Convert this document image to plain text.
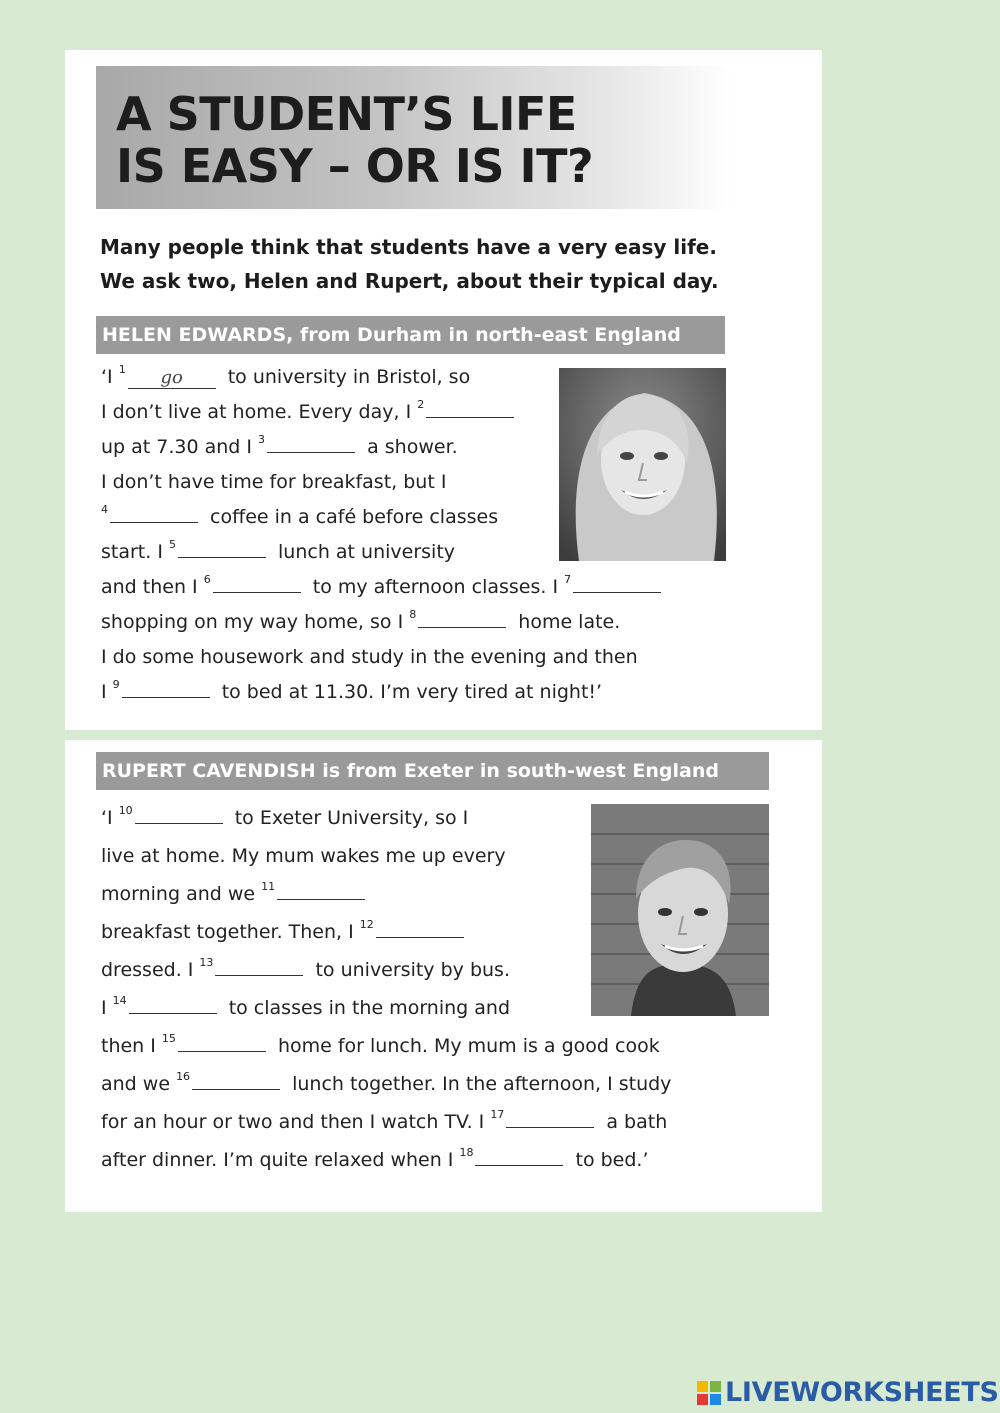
A STUDENT’S LIFE
IS EASY – OR IS IT?
Many people think that students have a very easy life.
We ask two, Helen and Rupert, about their typical day.
HELEN EDWARDS, from Durham in north-east England
‘I $^1$ go to university in Bristol, so
I don’t live at home. Every day, I $^2$
up at 7.30 and I $^3$	a shower.
I don’t have time for breakfast, but I
$^4$	coffee in a café before classes
start. I $^5$	lunch at university
and then I $^6$	to my afternoon classes. I $^7$
shopping on my way home, so I $^8$	home late.
I do some housework and study in the evening and then
I $^9$	to bed at 11.30. I’m very tired at night!’
RUPERT CAVENDISH is from Exeter in south-west England
‘I $^{10}$	to Exeter University, so I
live at home. My mum wakes me up every
morning and we $^{11}$
breakfast together. Then, I $^{12}$
dressed. I $^{13}$	to university by bus.
I $^{14}$	to classes in the morning and
then I $^{15}$	home for lunch. My mum is a good cook
and we $^{16}$	lunch together. In the afternoon, I study
for an hour or two and then I watch TV. I $^{17}$	a bath
after dinner. I’m quite relaxed when I $^{18}$	to bed.’
LIVEWORKSHEETS
